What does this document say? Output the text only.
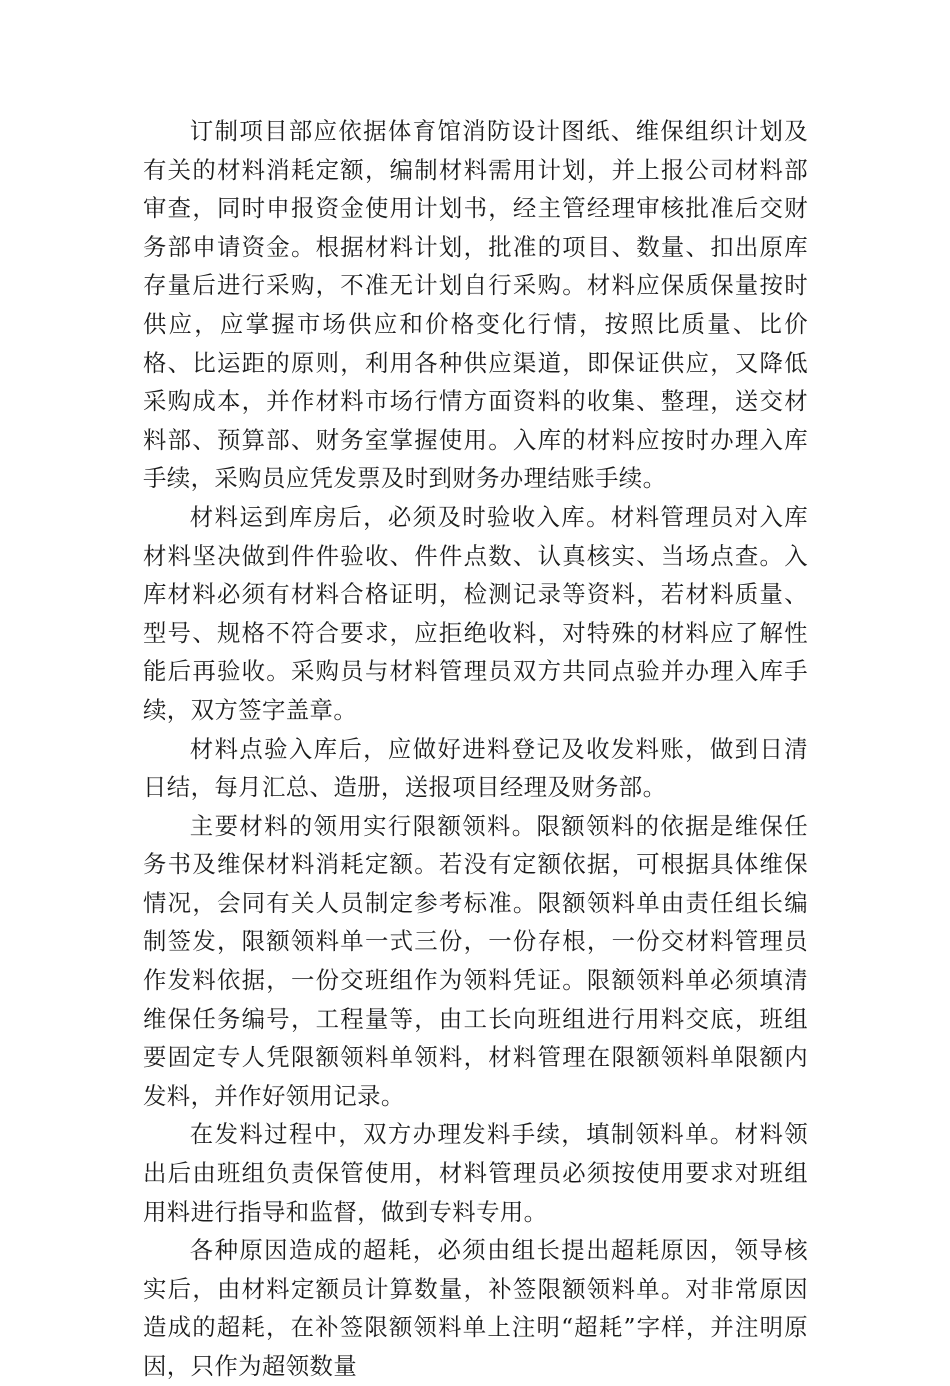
订制项目部应依据体育馆消防设计图纸、维保组织计划及有关的材料消耗定额，编制材料需用计划，并上报公司材料部审查，同时申报资金使用计划书，经主管经理审核批准后交财务部申请资金。根据材料计划，批准的项目、数量、扣出原库存量后进行采购，不准无计划自行采购。材料应保质保量按时供应，应掌握市场供应和价格变化行情，按照比质量、比价格、比运距的原则，利用各种供应渠道，即保证供应，又降低采购成本，并作材料市场行情方面资料的收集、整理，送交材料部、预算部、财务室掌握使用。入库的材料应按时办理入库手续，采购员应凭发票及时到财务办理结账手续。

材料运到库房后，必须及时验收入库。材料管理员对入库材料坚决做到件件验收、件件点数、认真核实、当场点查。入库材料必须有材料合格证明，检测记录等资料，若材料质量、型号、规格不符合要求，应拒绝收料，对特殊的材料应了解性能后再验收。采购员与材料管理员双方共同点验并办理入库手续，双方签字盖章。

材料点验入库后，应做好进料登记及收发料账，做到日清日结，每月汇总、造册，送报项目经理及财务部。

主要材料的领用实行限额领料。限额领料的依据是维保任务书及维保材料消耗定额。若没有定额依据，可根据具体维保情况，会同有关人员制定参考标准。限额领料单由责任组长编制签发，限额领料单一式三份，一份存根，一份交材料管理员作发料依据，一份交班组作为领料凭证。限额领料单必须填清维保任务编号，工程量等，由工长向班组进行用料交底，班组要固定专人凭限额领料单领料，材料管理在限额领料单限额内发料，并作好领用记录。

在发料过程中，双方办理发料手续，填制领料单。材料领出后由班组负责保管使用，材料管理员必须按使用要求对班组用料进行指导和监督，做到专料专用。

各种原因造成的超耗，必须由组长提出超耗原因，领导核实后，由材料定额员计算数量，补签限额领料单。对非常原因造成的超耗，在补签限额领料单上注明“超耗”字样，并注明原因，只作为超领数量
